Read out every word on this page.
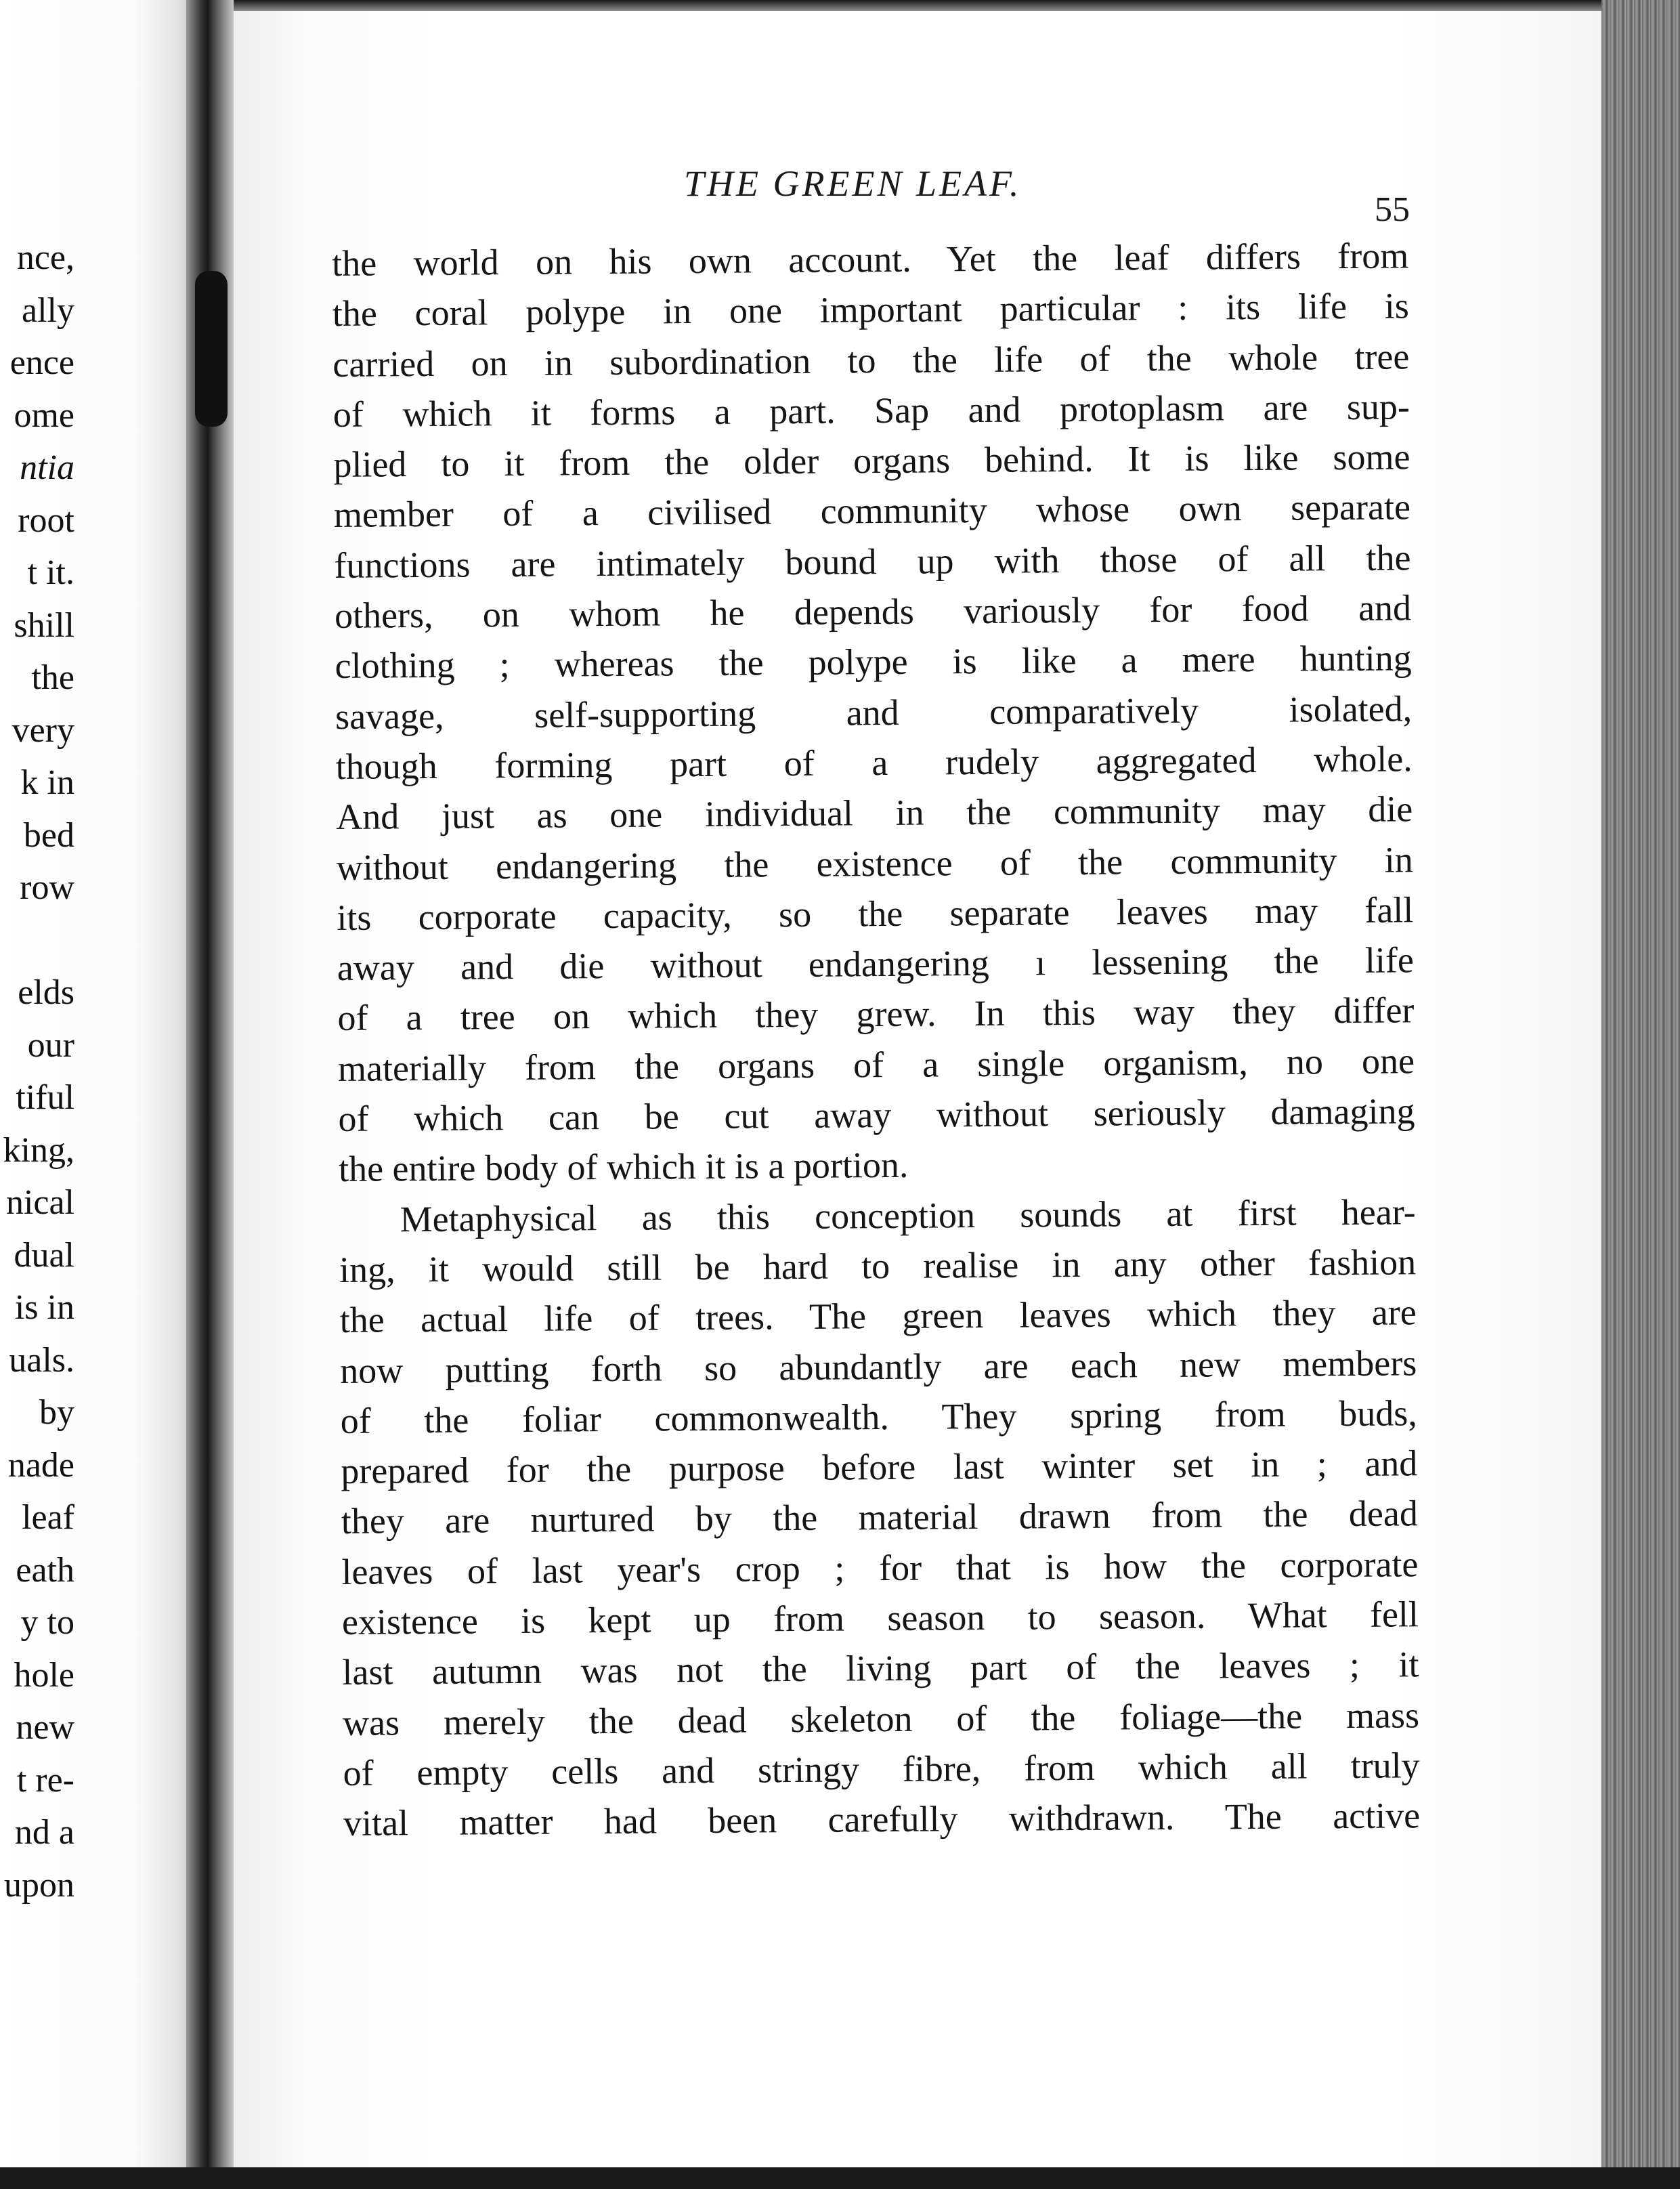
nce,
ally
ence
ome
ntia
root
t it.
shill
the
very
k in
bed
row
elds
our
tiful
king,
nical
dual
is in
uals.
by
nade
leaf
eath
y to
hole
new
t re-
nd a
upon
THE GREEN LEAF.
55
the world on his own account. Yet the leaf differs from
the coral polype in one important particular : its life is
carried on in subordination to the life of the whole tree
of which it forms a part. Sap and protoplasm are sup-
plied to it from the older organs behind. It is like some
member of a civilised community whose own separate
functions are intimately bound up with those of all the
others, on whom he depends variously for food and
clothing ; whereas the polype is like a mere hunting
savage, self-supporting and comparatively isolated,
though forming part of a rudely aggregated whole.
And just as one individual in the community may die
without endangering the existence of the community in
its corporate capacity, so the separate leaves may fall
away and die without endangering ı lessening the life
of a tree on which they grew. In this way they differ
materially from the organs of a single organism, no one
of which can be cut away without seriously damaging
the entire body of which it is a portion.
Metaphysical as this conception sounds at first hear-
ing, it would still be hard to realise in any other fashion
the actual life of trees. The green leaves which they are
now putting forth so abundantly are each new members
of the foliar commonwealth. They spring from buds,
prepared for the purpose before last winter set in ; and
they are nurtured by the material drawn from the dead
leaves of last year's crop ; for that is how the corporate
existence is kept up from season to season. What fell
last autumn was not the living part of the leaves ; it
was merely the dead skeleton of the foliage—the mass
of empty cells and stringy fibre, from which all truly
vital matter had been carefully withdrawn. The active
